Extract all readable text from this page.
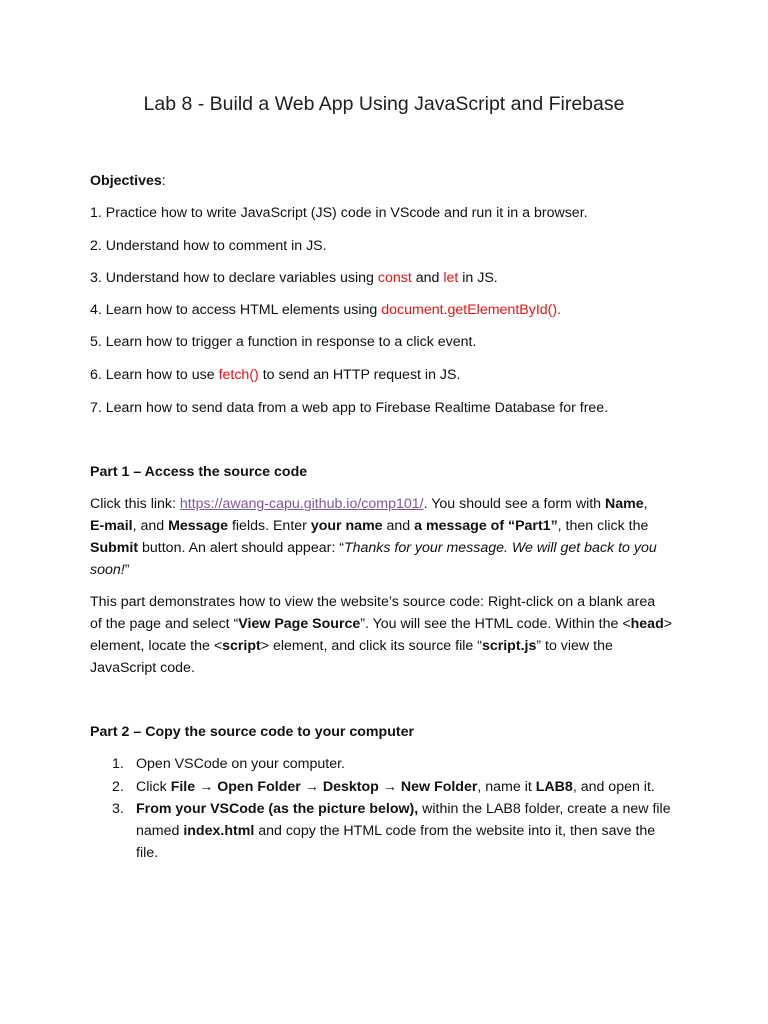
Lab 8 - Build a Web App Using JavaScript and Firebase
Objectives:
1. Practice how to write JavaScript (JS) code in VScode and run it in a browser.
2. Understand how to comment in JS.
3. Understand how to declare variables using const and let in JS.
4. Learn how to access HTML elements using document.getElementById().
5. Learn how to trigger a function in response to a click event.
6. Learn how to use fetch() to send an HTTP request in JS.
7. Learn how to send data from a web app to Firebase Realtime Database for free.
Part 1 – Access the source code
Click this link: https://awang-capu.github.io/comp101/. You should see a form with Name,
E-mail, and Message fields. Enter your name and a message of “Part1”, then click the
Submit button. An alert should appear: “Thanks for your message. We will get back to you
soon!”
This part demonstrates how to view the website’s source code: Right-click on a blank area
of the page and select “View Page Source”. You will see the HTML code. Within the <head>
element, locate the <script> element, and click its source file “script.js” to view the
JavaScript code.
Part 2 – Copy the source code to your computer
1. Open VSCode on your computer.
2. Click File → Open Folder → Desktop → New Folder, name it LAB8, and open it.
3. From your VSCode (as the picture below), within the LAB8 folder, create a new file
named index.html and copy the HTML code from the website into it, then save the
file.
